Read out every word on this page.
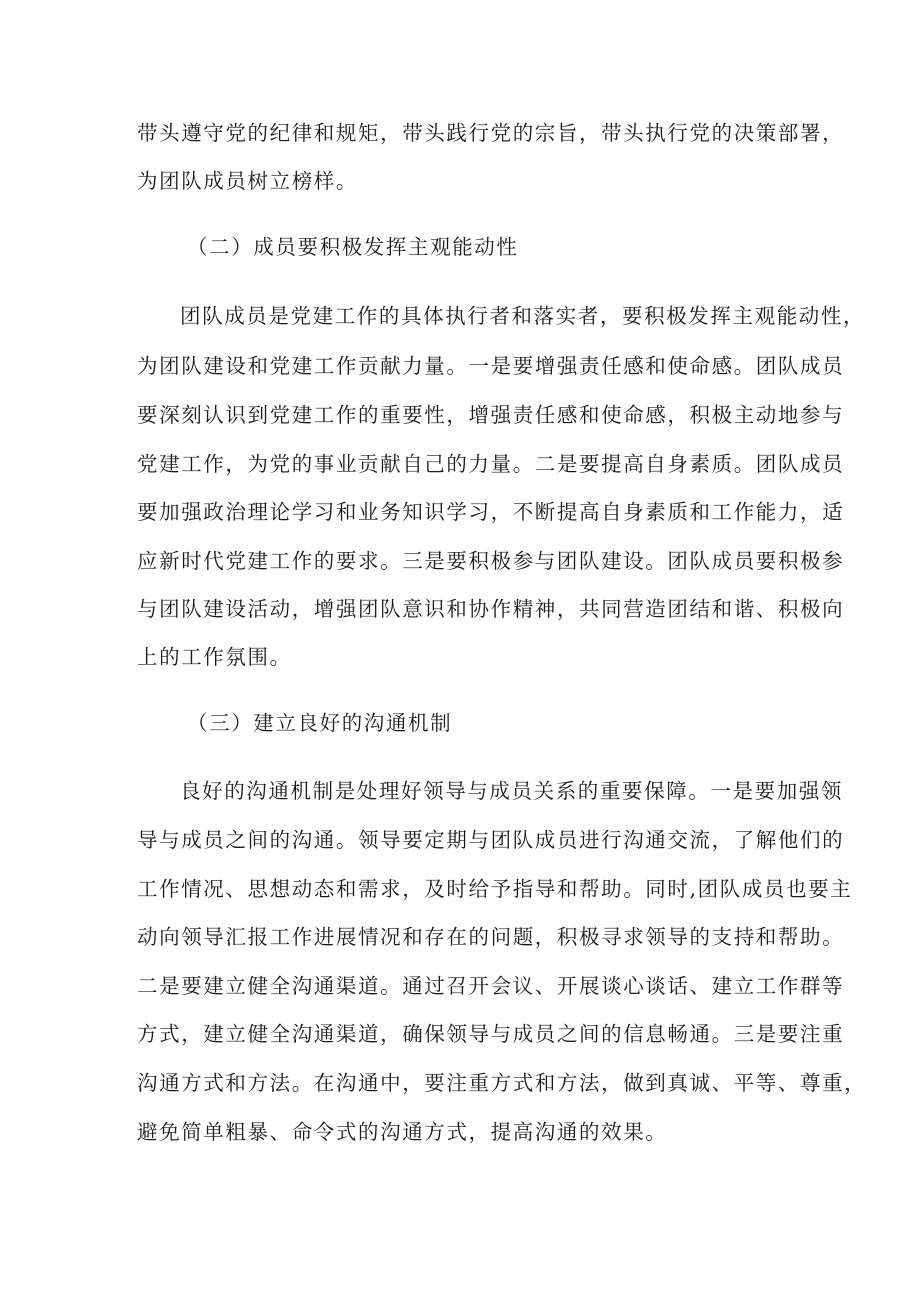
带头遵守党的纪律和规矩，带头践行党的宗旨，带头执行党的决策部署，
为团队成员树立榜样。
（二）成员要积极发挥主观能动性
团队成员是党建工作的具体执行者和落实者，要积极发挥主观能动性，
为团队建设和党建工作贡献力量。一是要增强责任感和使命感。团队成员
要深刻认识到党建工作的重要性，增强责任感和使命感，积极主动地参与
党建工作，为党的事业贡献自己的力量。二是要提高自身素质。团队成员
要加强政治理论学习和业务知识学习，不断提高自身素质和工作能力，适
应新时代党建工作的要求。三是要积极参与团队建设。团队成员要积极参
与团队建设活动，增强团队意识和协作精神，共同营造团结和谐、积极向
上的工作氛围。
（三）建立良好的沟通机制
良好的沟通机制是处理好领导与成员关系的重要保障。一是要加强领
导与成员之间的沟通。领导要定期与团队成员进行沟通交流，了解他们的
工作情况、思想动态和需求，及时给予指导和帮助。同时,团队成员也要主
动向领导汇报工作进展情况和存在的问题，积极寻求领导的支持和帮助。
二是要建立健全沟通渠道。通过召开会议、开展谈心谈话、建立工作群等
方式，建立健全沟通渠道，确保领导与成员之间的信息畅通。三是要注重
沟通方式和方法。在沟通中，要注重方式和方法，做到真诚、平等、尊重，
避免简单粗暴、命令式的沟通方式，提高沟通的效果。
